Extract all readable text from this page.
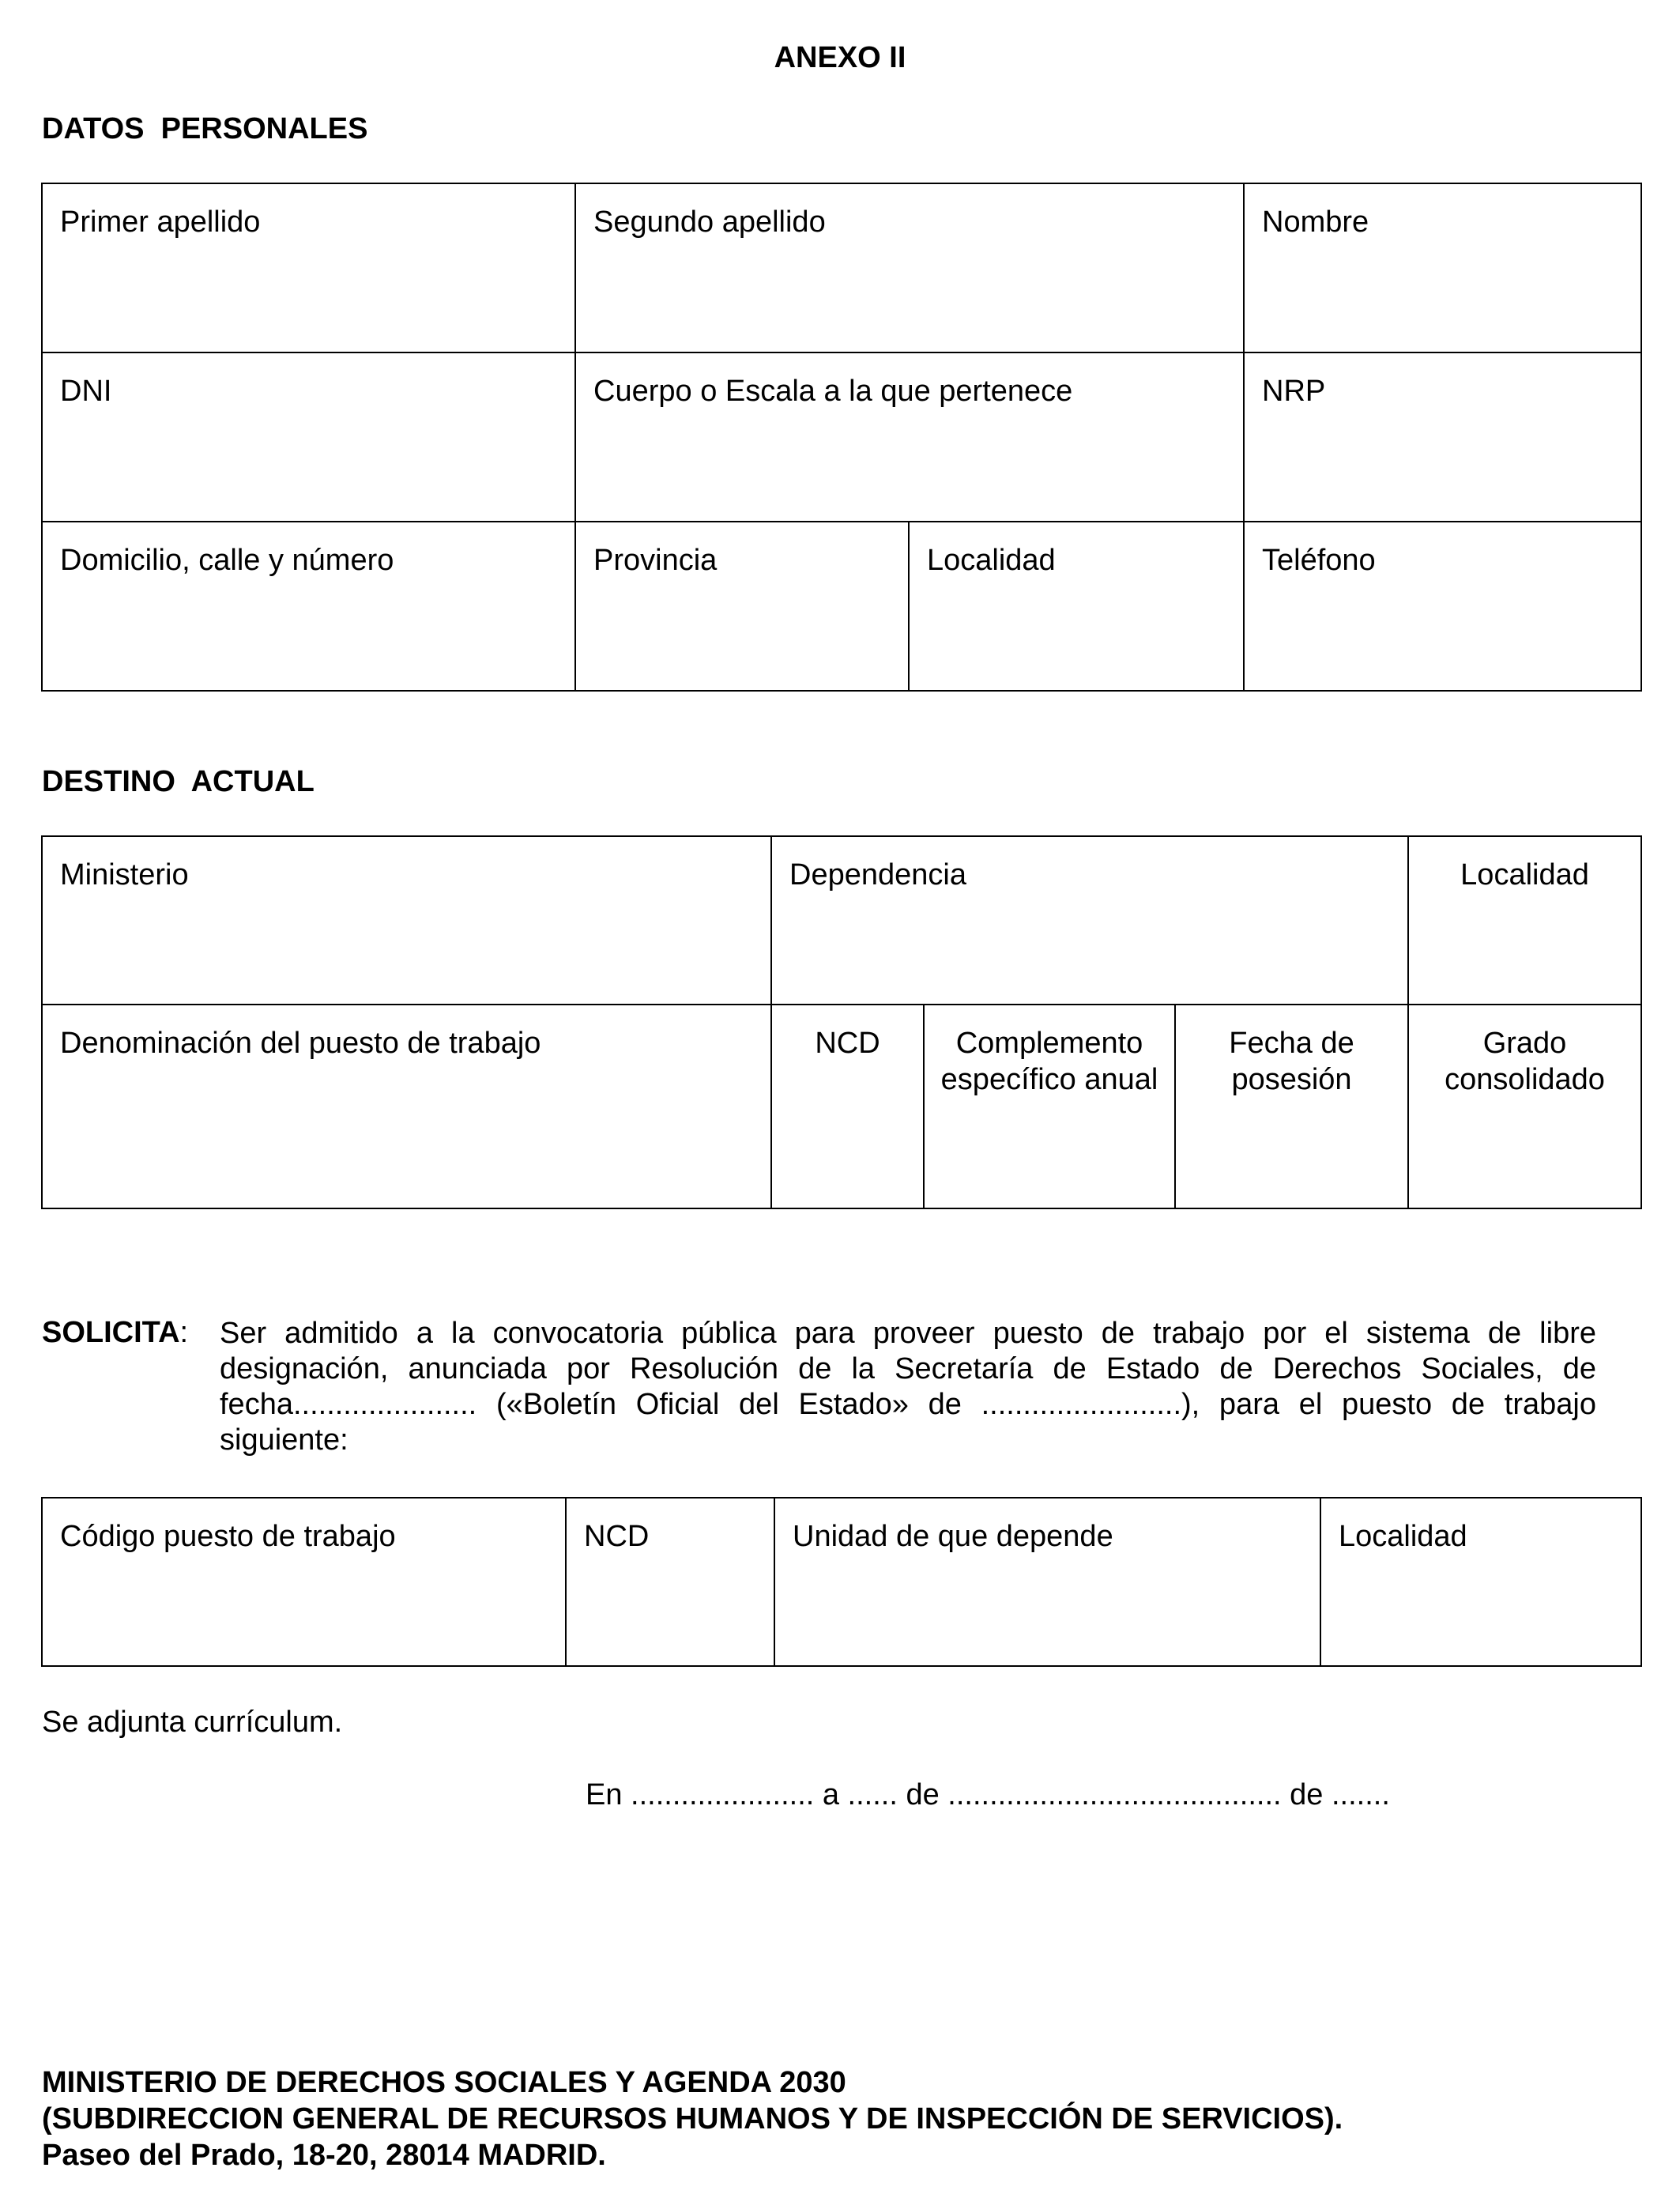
ANEXO II
DATOS  PERSONALES
Primer apellido	Segundo apellido		Nombre
DNI	Cuerpo o Escala a la que pertenece		NRP
Domicilio, calle y número	Provincia	Localidad	Teléfono
DESTINO  ACTUAL
Ministerio	Dependencia			Localidad
Denominación del puesto de trabajo	NCD	Complemento específico anual	Fecha de posesión	Grado consolidado
SOLICITA: Ser admitido a la convocatoria pública para proveer puesto de trabajo por el sistema de libre designación, anunciada por Resolución de la Secretaría de Estado de Derechos Sociales, de fecha...................... («Boletín Oficial del Estado» de ........................), para el puesto de trabajo siguiente:
Código puesto de trabajo	NCD	Unidad de que depende	Localidad
Se adjunta currículum.
En ...................... a ...... de ........................................ de .......
MINISTERIO DE DERECHOS SOCIALES Y AGENDA 2030
(SUBDIRECCION GENERAL DE RECURSOS HUMANOS Y DE INSPECCIÓN DE SERVICIOS).
Paseo del Prado, 18-20, 28014 MADRID.
